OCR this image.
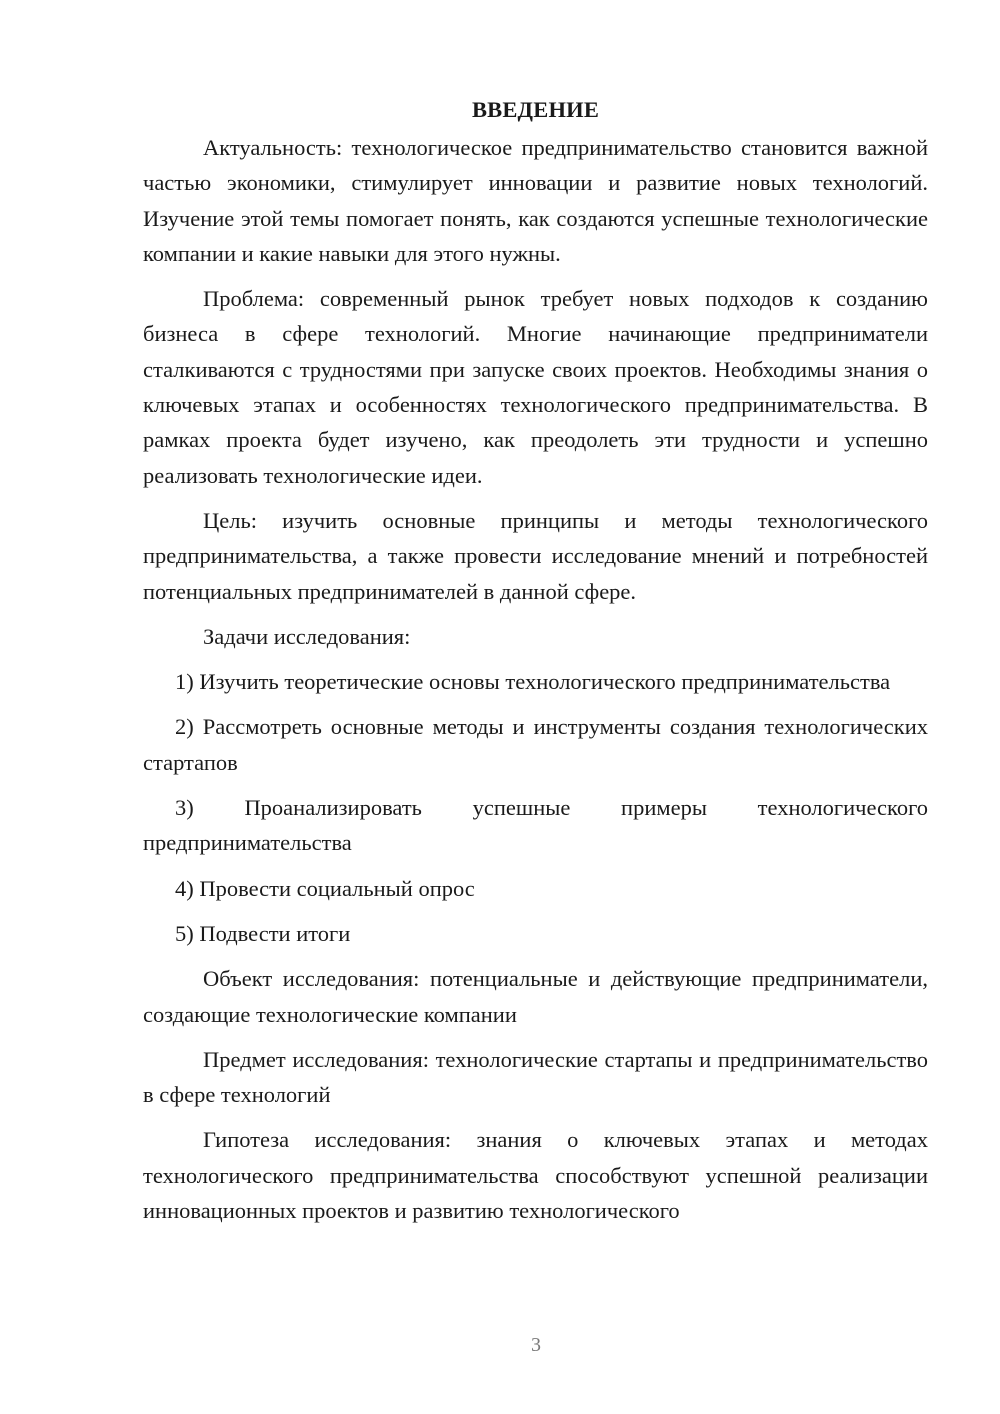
ВВЕДЕНИЕ

Актуальность: технологическое предпринимательство становится важной частью экономики, стимулирует инновации и развитие новых технологий. Изучение этой темы помогает понять, как создаются успешные технологические компании и какие навыки для этого нужны.

Проблема: современный рынок требует новых подходов к созданию бизнеса в сфере технологий. Многие начинающие предприниматели сталкиваются с трудностями при запуске своих проектов. Необходимы знания о ключевых этапах и особенностях технологического предпринимательства. В рамках проекта будет изучено, как преодолеть эти трудности и успешно реализовать технологические идеи.

Цель: изучить основные принципы и методы технологического предпринимательства, а также провести исследование мнений и потребностей потенциальных предпринимателей в данной сфере.

Задачи исследования:

1) Изучить теоретические основы технологического предпринимательства

2) Рассмотреть основные методы и инструменты создания технологических стартапов

3) Проанализировать успешные примеры технологического предпринимательства

4) Провести социальный опрос

5) Подвести итоги

Объект исследования: потенциальные и действующие предприниматели, создающие технологические компании

Предмет исследования: технологические стартапы и предпринимательство в сфере технологий

Гипотеза исследования: знания о ключевых этапах и методах технологического предпринимательства способствуют успешной реализации инновационных проектов и развитию технологического

3
